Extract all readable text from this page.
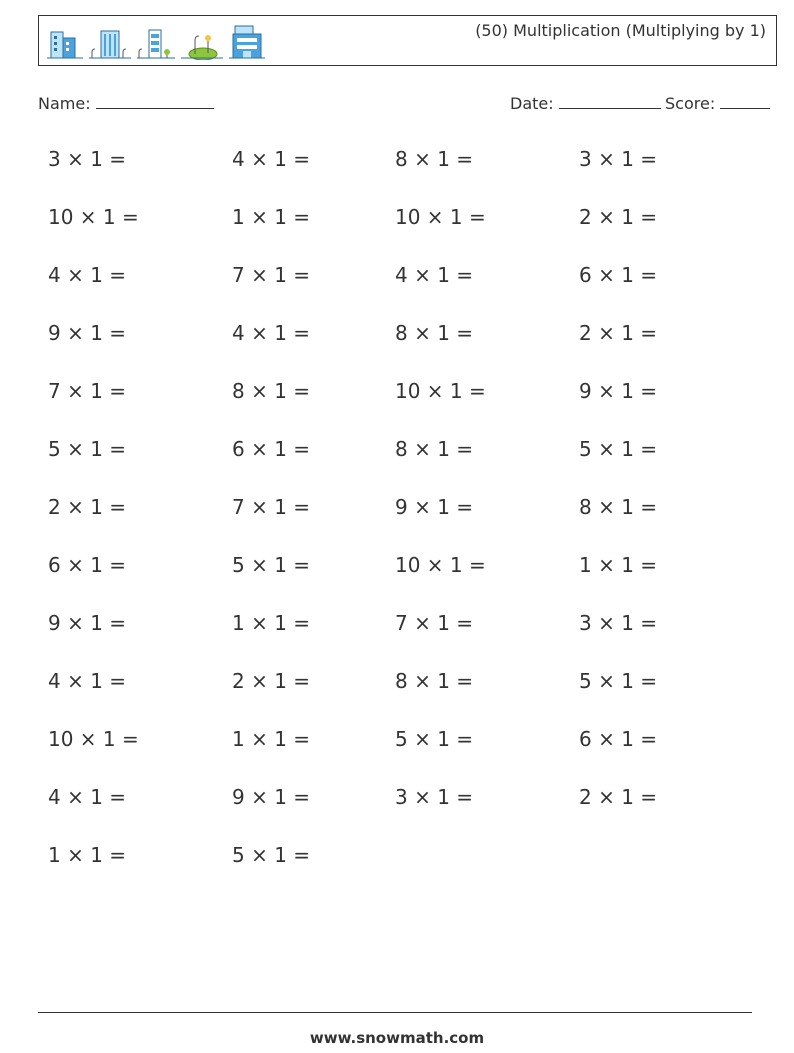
(50) Multiplication (Multiplying by 1)
Name:	Date:	Score:
3 × 1 =	4 × 1 =	8 × 1 =	3 × 1 =
10 × 1 =	1 × 1 =	10 × 1 =	2 × 1 =
4 × 1 =	7 × 1 =	4 × 1 =	6 × 1 =
9 × 1 =	4 × 1 =	8 × 1 =	2 × 1 =
7 × 1 =	8 × 1 =	10 × 1 =	9 × 1 =
5 × 1 =	6 × 1 =	8 × 1 =	5 × 1 =
2 × 1 =	7 × 1 =	9 × 1 =	8 × 1 =
6 × 1 =	5 × 1 =	10 × 1 =	1 × 1 =
9 × 1 =	1 × 1 =	7 × 1 =	3 × 1 =
4 × 1 =	2 × 1 =	8 × 1 =	5 × 1 =
10 × 1 =	1 × 1 =	5 × 1 =	6 × 1 =
4 × 1 =	9 × 1 =	3 × 1 =	2 × 1 =
1 × 1 =	5 × 1 =
www.snowmath.com
